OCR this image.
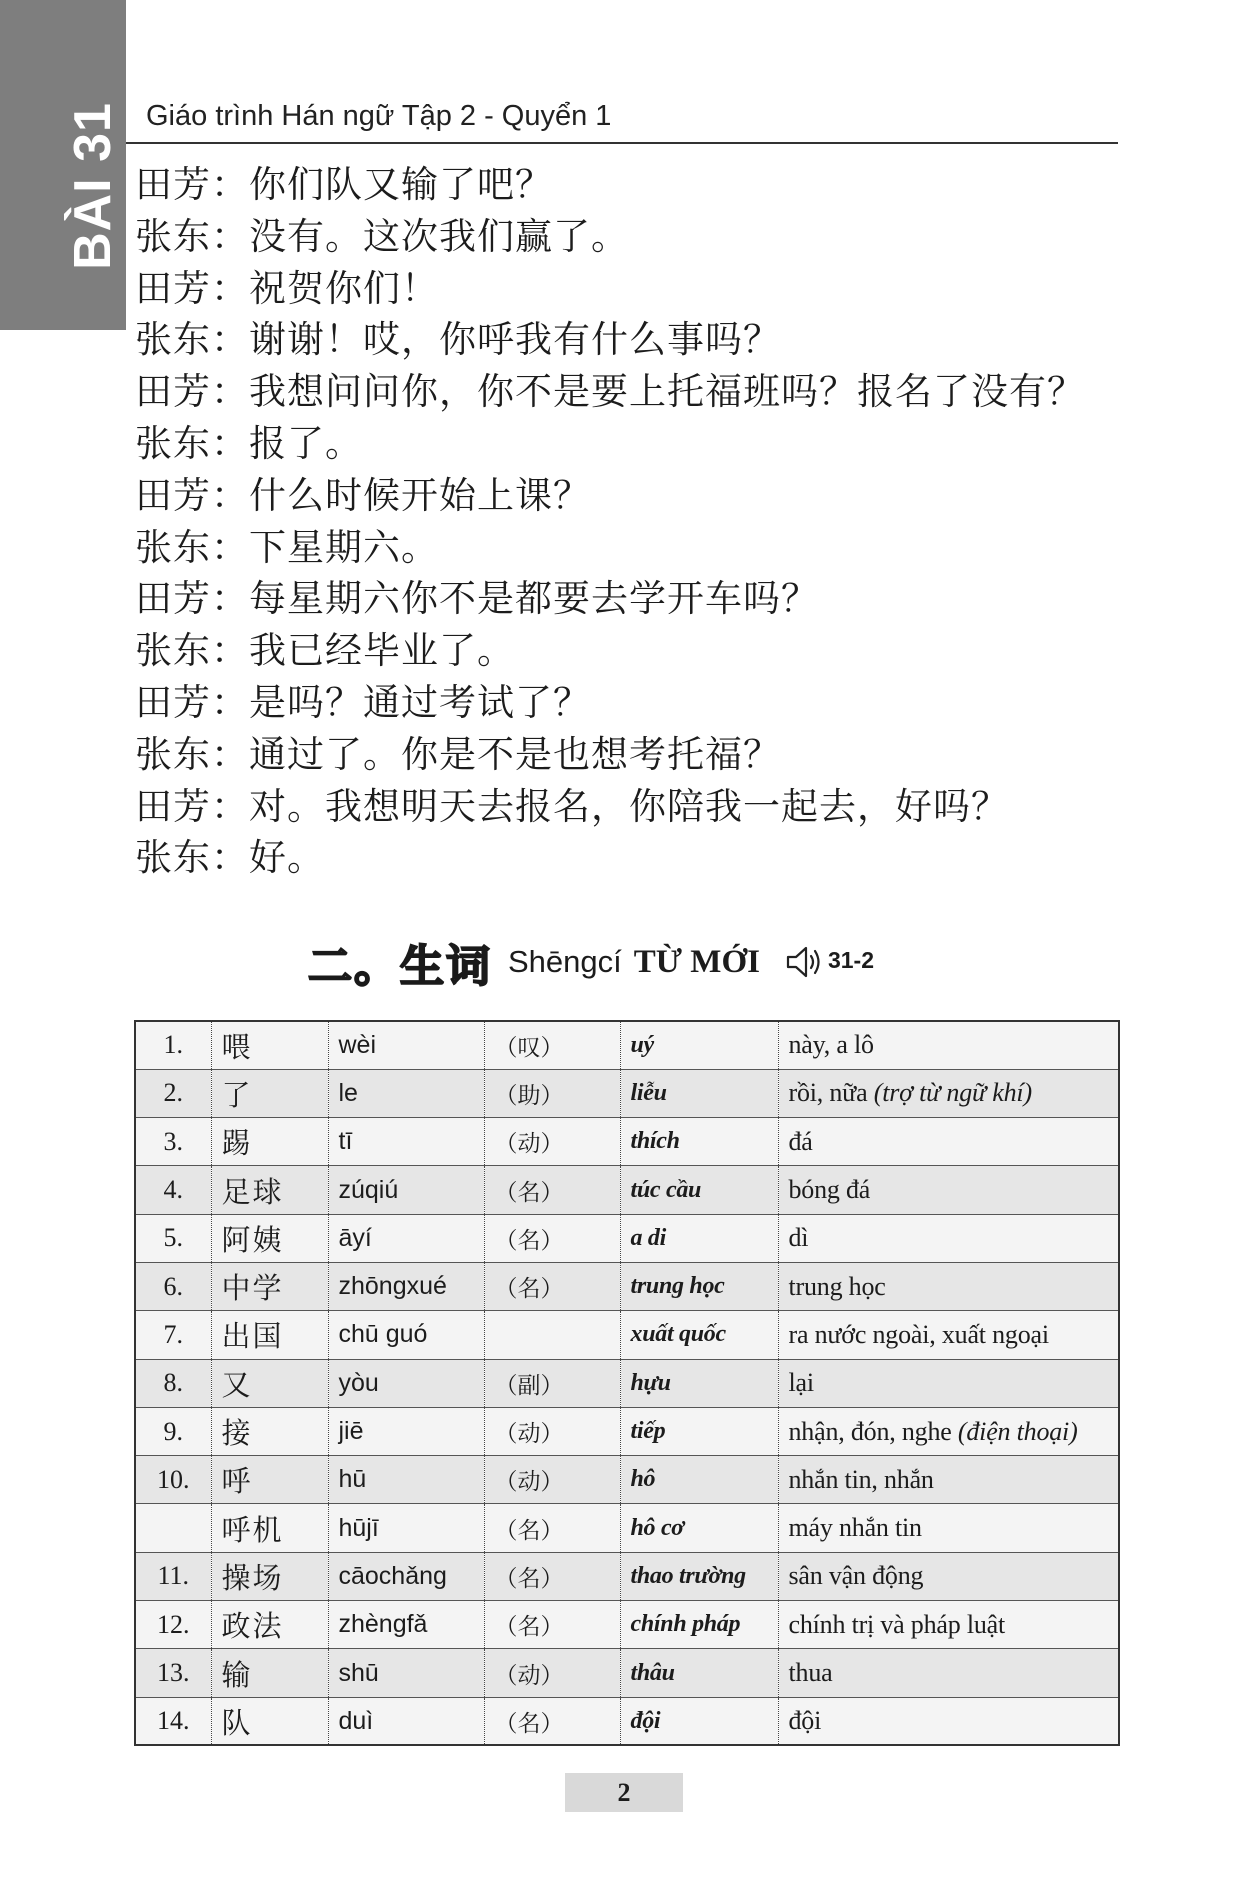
BÀI 31 Giáo trình Hán ngữ Tập 2 - Quyển 1
田芳：你们队又输了吧？
张东：没有。这次我们赢了。
田芳：祝贺你们！
张东：谢谢！哎，你呼我有什么事吗？
田芳：我想问问你，你不是要上托福班吗？报名了没有？
张东：报了。
田芳：什么时候开始上课？
张东：下星期六。
田芳：每星期六你不是都要去学开车吗？
张东：我已经毕业了。
田芳：是吗？通过考试了？
张东：通过了。你是不是也想考托福？
田芳：对。我想明天去报名，你陪我一起去，好吗？
张东：好。
二。生词 Shēngcí TỪ MỚI	31-2
1.	喂	wèi	（叹）	uý	này, a lô
2.	了	le	（助）	liễu	rồi, nữa (trợ từ ngữ khí)
3.	踢	tī	（动）	thích	đá
4.	足球	zúqiú	（名）	túc cầu	bóng đá
5.	阿姨	āyí	（名）	a di	dì
6.	中学	zhōngxué	（名）	trung học	trung học
7.	出国	chū guó		xuất quốc	ra nước ngoài, xuất ngoại
8.	又	yòu	（副）	hựu	lại
9.	接	jiē	（动）	tiếp	nhận, đón, nghe (điện thoại)
10.	呼	hū	（动）	hô	nhắn tin, nhắn
	呼机	hūjī	（名）	hô cơ	máy nhắn tin
11.	操场	cāochǎng	（名）	thao trường	sân vận động
12.	政法	zhèngfǎ	（名）	chính pháp	chính trị và pháp luật
13.	输	shū	（动）	thâu	thua
14.	队	duì	（名）	đội	đội
2
